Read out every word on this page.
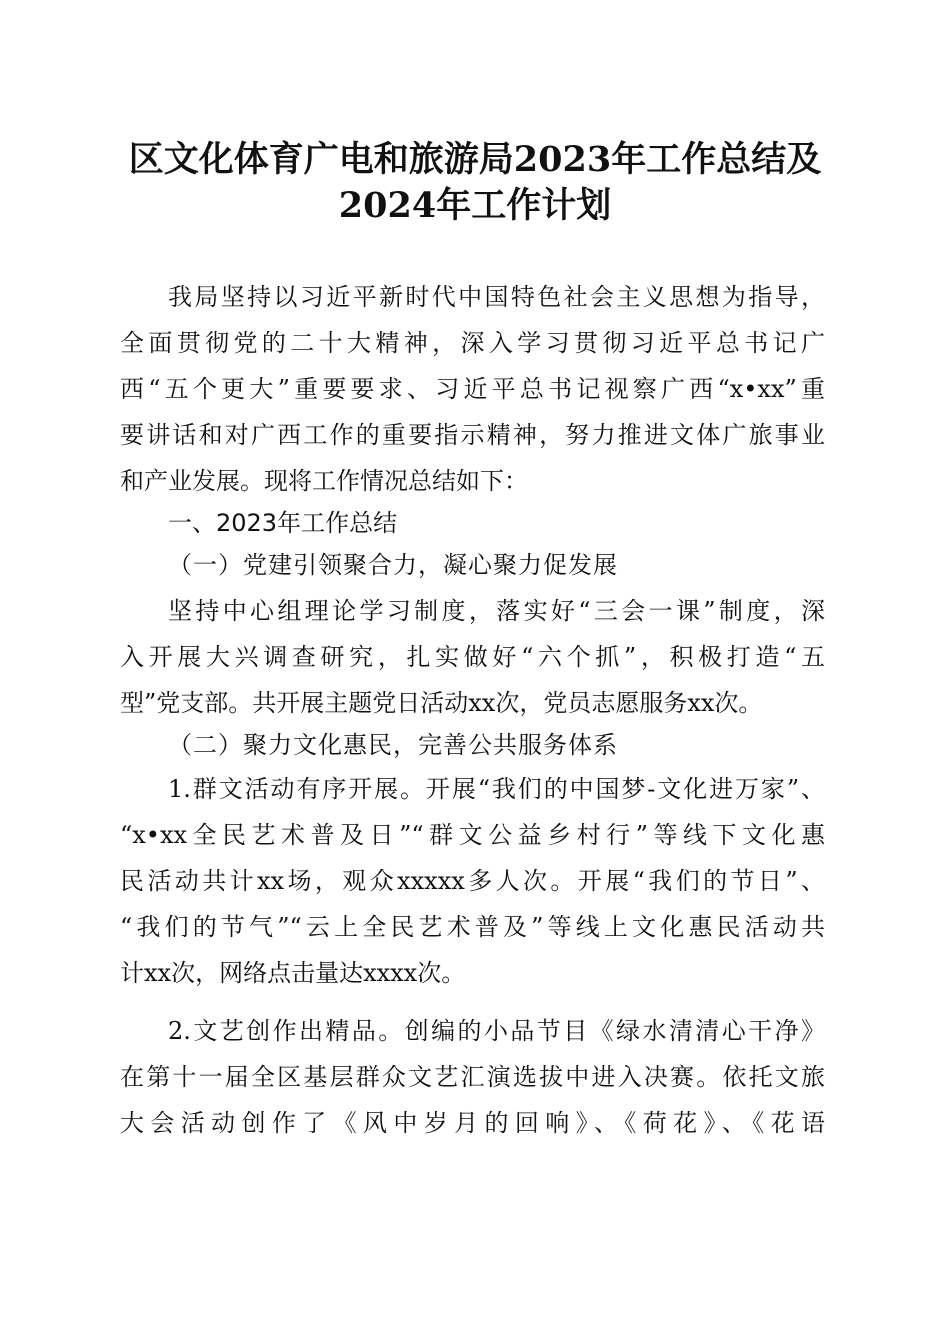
区文化体育广电和旅游局2023年工作总结及
2024年工作计划
我局坚持以习近平新时代中国特色社会主义思想为指导，
全面贯彻党的二十大精神，深入学习贯彻习近平总书记广
西“五个更大”重要要求、习近平总书记视察广西“x•xx”重
要讲话和对广西工作的重要指示精神，努力推进文体广旅事业
和产业发展。现将工作情况总结如下：
一、2023年工作总结
（一）党建引领聚合力，凝心聚力促发展
坚持中心组理论学习制度，落实好“三会一课”制度，深
入开展大兴调查研究，扎实做好“六个抓”，积极打造“五
型”党支部。共开展主题党日活动xx次，党员志愿服务xx次。
（二）聚力文化惠民，完善公共服务体系
1.群文活动有序开展。开展“我们的中国梦-文化进万家”、
“x•xx全民艺术普及日”“群文公益乡村行”等线下文化惠
民活动共计xx场，观众xxxxx多人次。开展“我们的节日”、
“我们的节气”“云上全民艺术普及”等线上文化惠民活动共
计xx次，网络点击量达xxxx次。
2.文艺创作出精品。创编的小品节目《绿水清清心干净》
在第十一届全区基层群众文艺汇演选拔中进入决赛。依托文旅
大会活动创作了《风中岁月的回响》、《荷花》、《花语
